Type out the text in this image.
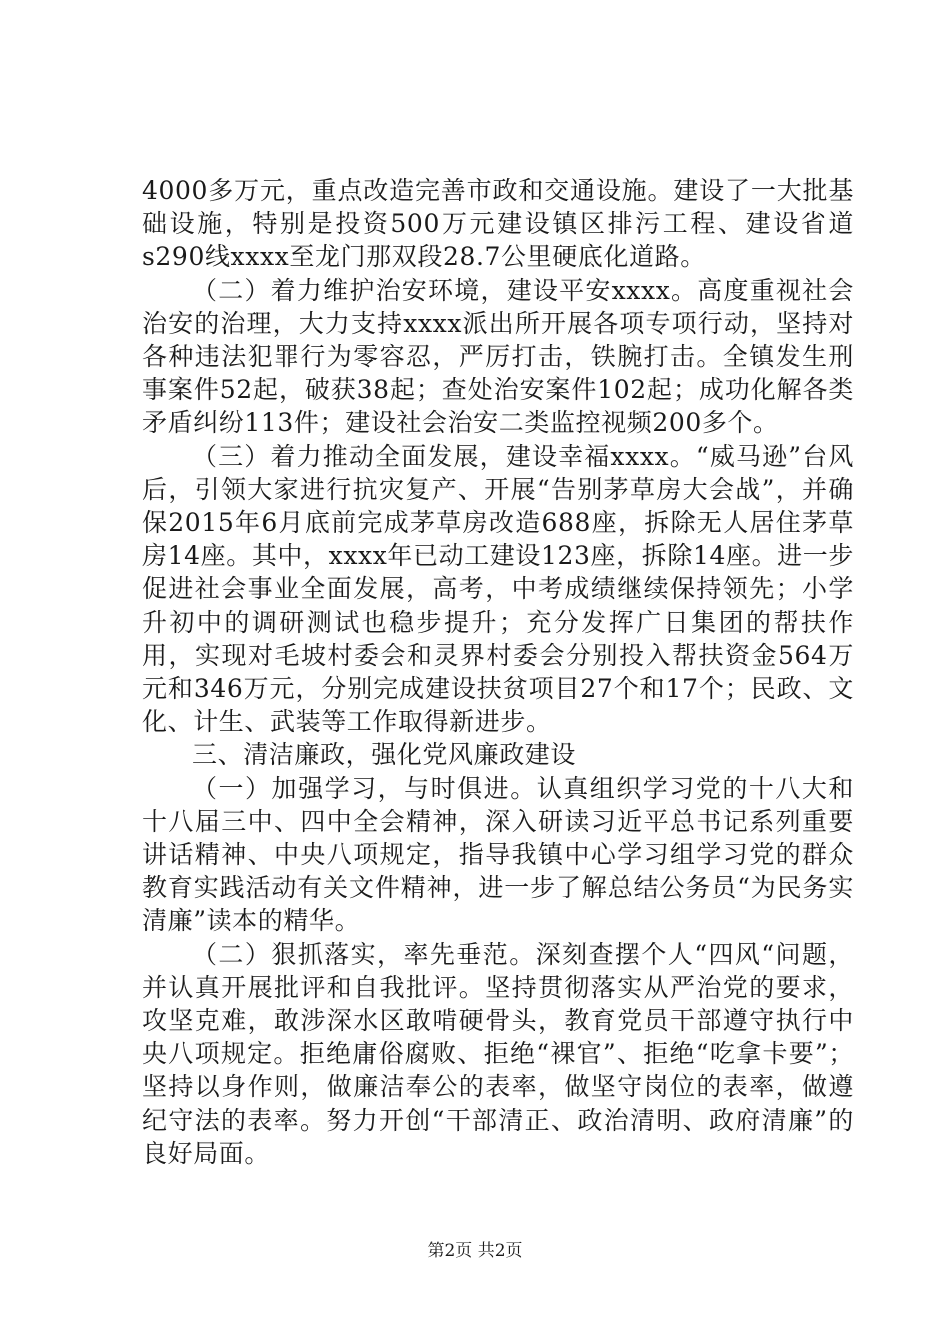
4000多万元，重点改造完善市政和交通设施。建设了一大批基础设施，特别是投资500万元建设镇区排污工程、建设省道s290线xxxx至龙门那双段28.7公里硬底化道路。

（二）着力维护治安环境，建设平安xxxx。高度重视社会治安的治理，大力支持xxxx派出所开展各项专项行动，坚持对各种违法犯罪行为零容忍，严厉打击，铁腕打击。全镇发生刑事案件52起，破获38起；查处治安案件102起；成功化解各类矛盾纠纷113件；建设社会治安二类监控视频200多个。

（三）着力推动全面发展，建设幸福xxxx。“威马逊”台风后，引领大家进行抗灾复产、开展“告别茅草房大会战”，并确保2015年6月底前完成茅草房改造688座，拆除无人居住茅草房14座。其中，xxxx年已动工建设123座，拆除14座。进一步促进社会事业全面发展，高考，中考成绩继续保持领先；小学升初中的调研测试也稳步提升；充分发挥广日集团的帮扶作用，实现对毛坡村委会和灵界村委会分别投入帮扶资金564万元和346万元，分别完成建设扶贫项目27个和17个；民政、文化、计生、武装等工作取得新进步。

三、清洁廉政，强化党风廉政建设

（一）加强学习，与时俱进。认真组织学习党的十八大和十八届三中、四中全会精神，深入研读习近平总书记系列重要讲话精神、中央八项规定，指导我镇中心学习组学习党的群众教育实践活动有关文件精神，进一步了解总结公务员“为民务实清廉”读本的精华。

（二）狠抓落实，率先垂范。深刻查摆个人“四风“问题，并认真开展批评和自我批评。坚持贯彻落实从严治党的要求，攻坚克难，敢涉深水区敢啃硬骨头，教育党员干部遵守执行中央八项规定。拒绝庸俗腐败、拒绝“裸官”、拒绝“吃拿卡要”；坚持以身作则，做廉洁奉公的表率，做坚守岗位的表率，做遵纪守法的表率。努力开创“干部清正、政治清明、政府清廉”的良好局面。

第2页 共2页
